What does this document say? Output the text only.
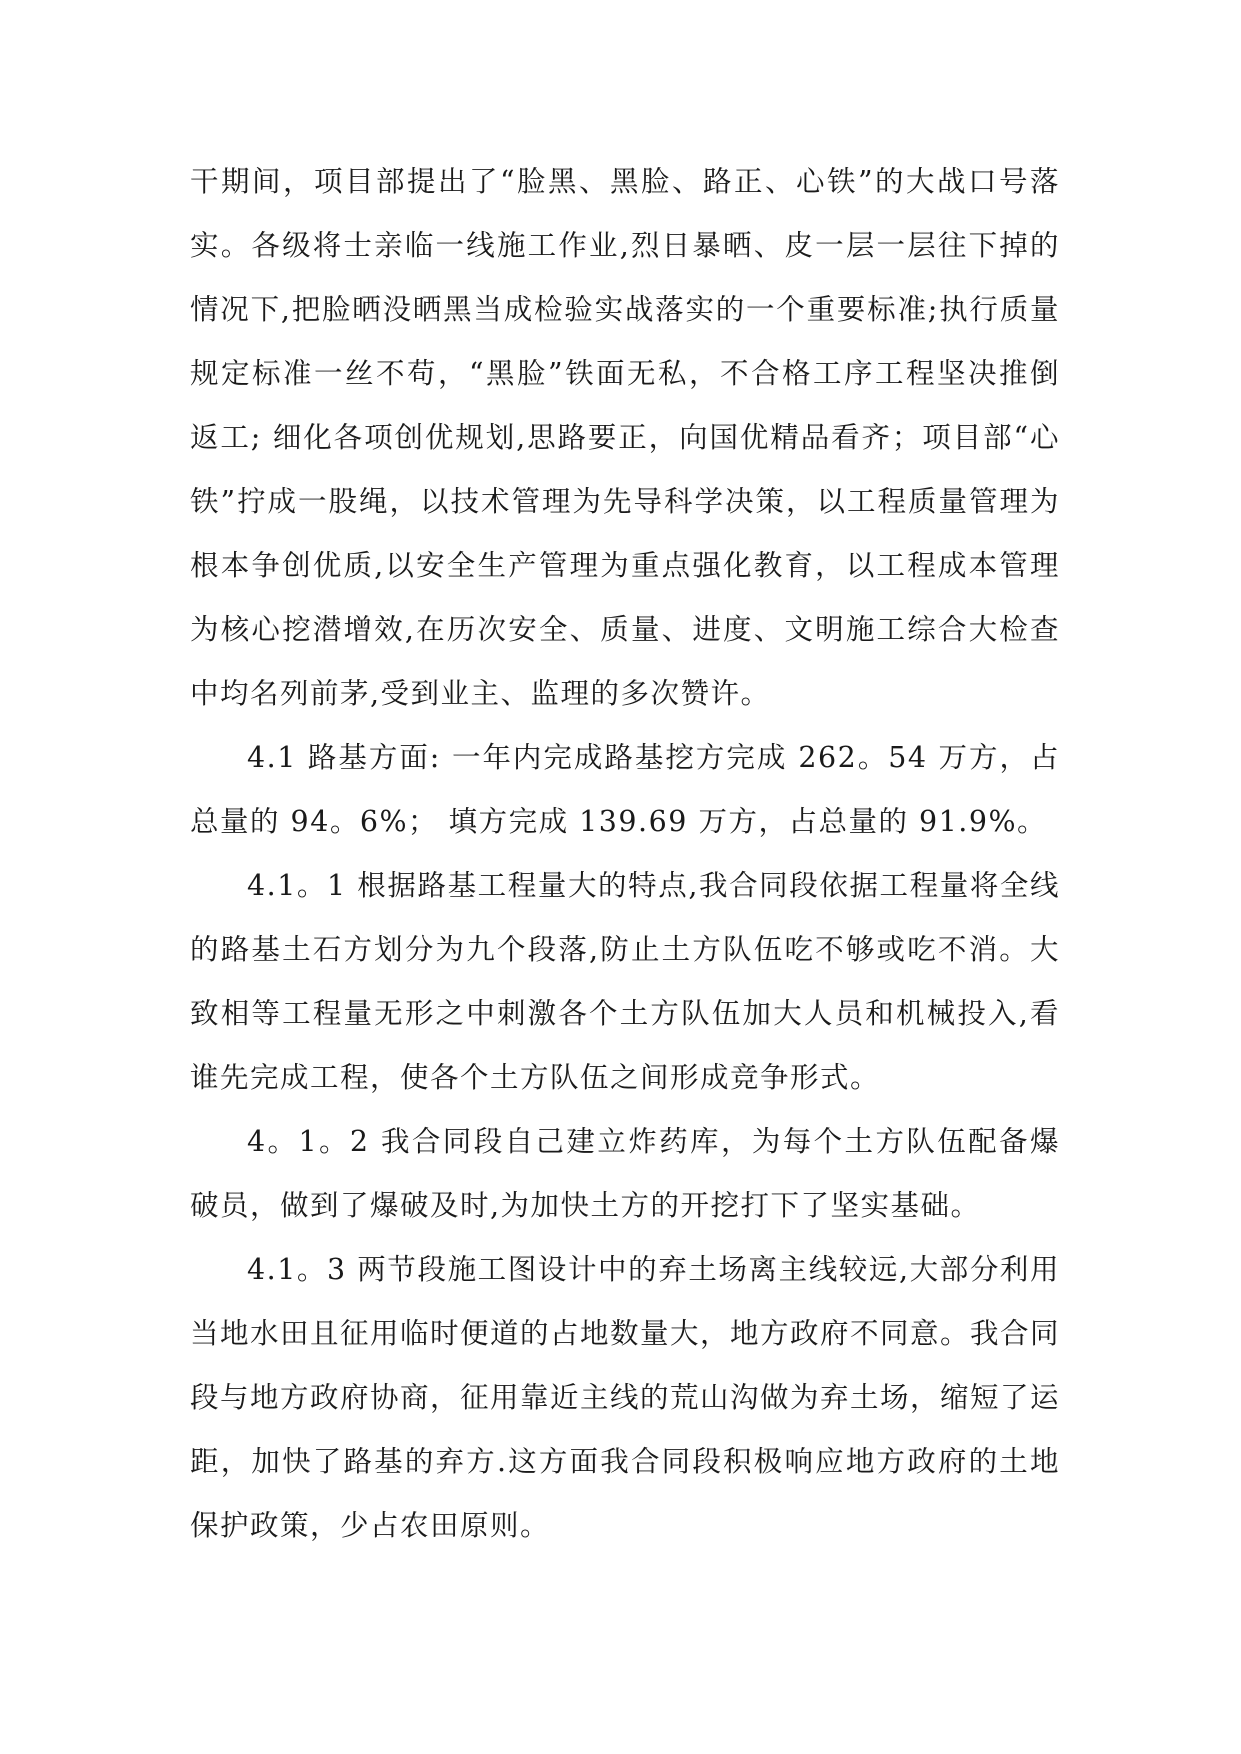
干期间，项目部提出了“脸黑、黑脸、路正、心铁”的大战口号落实。各级将士亲临一线施工作业,烈日暴晒、皮一层一层往下掉的情况下,把脸晒没晒黑当成检验实战落实的一个重要标准;执行质量规定标准一丝不苟，“黑脸”铁面无私，不合格工序工程坚决推倒返工; 细化各项创优规划,思路要正，向国优精品看齐；项目部“心铁”拧成一股绳，以技术管理为先导科学决策，以工程质量管理为根本争创优质,以安全生产管理为重点强化教育，以工程成本管理为核心挖潜增效,在历次安全、质量、进度、文明施工综合大检查中均名列前茅,受到业主、监理的多次赞许。

4.1 路基方面: 一年内完成路基挖方完成 262。54 万方，占总量的 94。6%； 填方完成 139.69 万方，占总量的 91.9%。

4.1。1 根据路基工程量大的特点,我合同段依据工程量将全线的路基土石方划分为九个段落,防止土方队伍吃不够或吃不消。大致相等工程量无形之中刺激各个土方队伍加大人员和机械投入,看谁先完成工程，使各个土方队伍之间形成竞争形式。

4。1。2 我合同段自己建立炸药库，为每个土方队伍配备爆破员，做到了爆破及时,为加快土方的开挖打下了坚实基础。

4.1。3 两节段施工图设计中的弃土场离主线较远,大部分利用当地水田且征用临时便道的占地数量大，地方政府不同意。我合同段与地方政府协商，征用靠近主线的荒山沟做为弃土场，缩短了运距，加快了路基的弃方.这方面我合同段积极响应地方政府的土地保护政策，少占农田原则。
